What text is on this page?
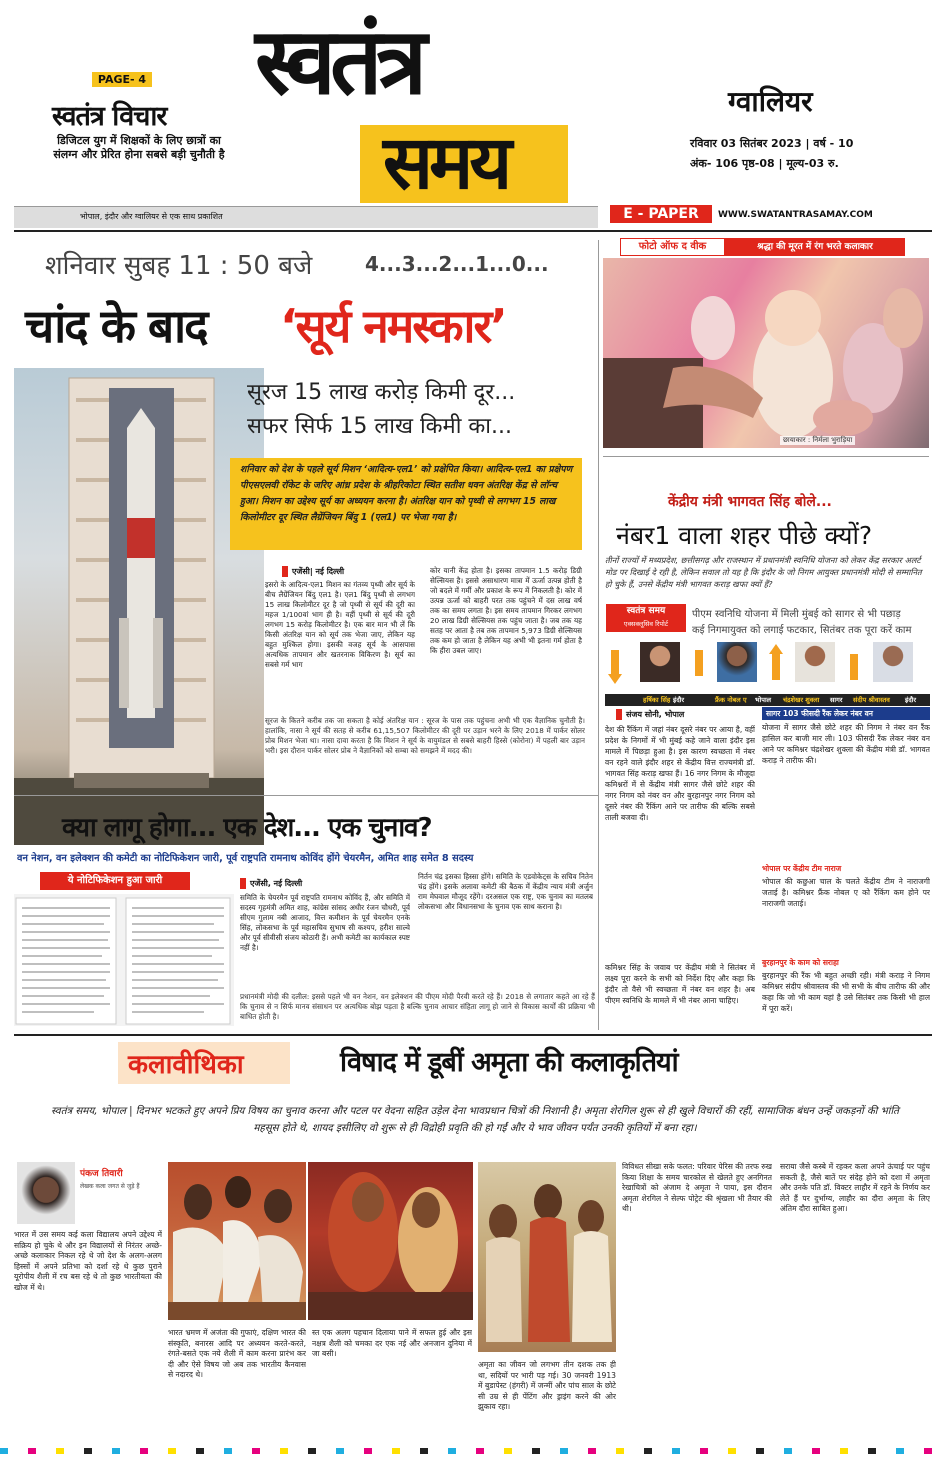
PAGE- 4
स्वतंत्र विचार
डिजिटल युग में शिक्षकों के लिए छात्रों का संलग्न और प्रेरित होना सबसे बड़ी चुनौती है
स्वतंत्र
समय
ग्वालियर
रविवार 03 सितंबर 2023 | वर्ष - 10
अंक- 106 पृष्ठ-08 | मूल्य-03 रु.
भोपाल, इंदौर और ग्वालियर से एक साथ प्रकाशित	E - PAPER	WWW.SWATANTRASAMAY.COM
शनिवार सुबह 11 : 50 बजे	4...3...2...1...0...
चांद के बाद ‘सूर्य नमस्कार’
सूरज 15 लाख करोड़ किमी दूर...
सफर सिर्फ 15 लाख किमी का...
शनिवार को देश के पहले सूर्य मिशन ‘आदित्य-एल1’ को प्रक्षेपित किया। आदित्य-एल1 का प्रक्षेपण पीएसएलवी रॉकेट के जरिए आंध्र प्रदेश के श्रीहरिकोटा स्थित सतीश धवन अंतरिक्ष केंद्र से लॉन्च हुआ। मिशन का उद्देश्य सूर्य का अध्ययन करना है। अंतरिक्ष यान को पृथ्वी से लगभग 15 लाख किलोमीटर दूर स्थित लैग्रेंजियन बिंदु 1 (एल1) पर भेजा गया है।
एजेंसी| नई दिल्ली
इसरो के आदित्य-एल1 मिशन का गंतव्य पृथ्वी और सूर्य के बीच लैग्रेंजियन बिंदु एल1 है। एल1 बिंदु पृथ्वी से लगभग 15 लाख किलोमीटर दूर है जो पृथ्वी से सूर्य की दूरी का महज 1/100वां भाग ही है। वहीं पृथ्वी से सूर्य की दूरी लगभग 15 करोड़ किलोमीटर है। एक बार मान भी लें कि किसी अंतरिक्ष यान को सूर्य तक भेजा जाए, लेकिन यह बहुत मुश्किल होगा। इसकी वजह सूर्य के आसपास अत्यधिक तापमान और खतरनाक विकिरण है। सूर्य का सबसे गर्म भाग
कोर यानी केंद्र होता है। इसका तापमान 1.5 करोड़ डिग्री सेल्सियस है। इससे असाधारण मात्रा में ऊर्जा उत्पन्न होती है जो बदले में गर्मी और प्रकाश के रूप में निकलती है। कोर में उत्पन्न ऊर्जा को बाहरी परत तक पहुंचने में दस लाख वर्ष तक का समय लगता है। इस समय तापमान गिरकर लगभग 20 लाख डिग्री सेल्सियस तक पहुंच जाता है। जब तक यह सतह पर आता है तब तक तापमान 5,973 डिग्री सेल्सियस तक कम हो जाता है लेकिन यह अभी भी इतना गर्म होता है कि हीरा उबल जाए।
सूरज के कितने करीब तक जा सकता है कोई अंतरिक्ष यान : सूरज के पास तक पहुंचना अभी भी एक वैज्ञानिक चुनौती है। हालांकि, नासा ने सूर्य की सतह से करीब 61,15,507 किलोमीटर की दूरी पर उड़ान भरने के लिए 2018 में पार्कर सोलर प्रोब मिशन भेजा था। नासा दावा करता है कि मिशन ने सूर्य के वायुमंडल से सबसे बाहरी हिस्से (कोरोना) में पहली बार उड़ान भरी। इस दौरान पार्कर सोलर प्रोब ने वैज्ञानिकों को सम्बा को समझने में मदद की।
फोटो ऑफ द वीक	श्रद्धा की मूरत में रंग भरते कलाकार
छायाकार : निर्मला भुराड़िया
केंद्रीय मंत्री भागवत सिंह बोले...
नंबर1 वाला शहर पीछे क्यों?
तीनों राज्यों में मध्यप्रदेश, छत्तीसगढ़ और राजस्थान में प्रधानमंत्री स्वनिधि योजना को लेकर केंद्र सरकार अलर्ट मोड पर दिखाई दे रही है, लेकिन सवाल तो यह है कि इंदौर के जो निगम आयुक्त प्रधानमंत्री मोदी से सम्मानित हो चुके हैं, उनसे केंद्रीय मंत्री भागवत कराड़ खफा क्यों हैं?
स्वतंत्र समय
एक्सक्लूसिव रिपोर्ट
पीएम स्वनिधि योजना में मिली मुंबई को सागर से भी पछाड़
कई निगमायुक्त को लगाई फटकार, सितंबर तक पूरा करें काम
हर्षिका सिंह इंदौर	फ्रैंक नोबल ए भोपाल चंद्रशेखर शुक्ला सागर संदीप श्रीवास्तव इंदौर
संजय सोनी, भोपाल
देश की रैंकिंग में जहां नंबर दूसरे नंबर पर आया है, वहीं प्रदेश के निगमों में भी मुंबई कहे जाने वाला इंदौर इस मामले में पिछड़ा हुआ है। इस कारण स्वच्छता में नंबर वन रहने वाले इंदौर शहर से केंद्रीय वित्त राज्यमंत्री डॉ. भागवत सिंह कराड़ खफा हैं। 16 नगर निगम के मौजूदा कमिश्नरों में से केंद्रीय मंत्री सागर जैसे छोटे शहर की नगर निगम को नंबर वन और बुरहानपुर नगर निगम को दूसरे नंबर की रैंकिंग आने पर तारीफ की बल्कि सबसे ताली बजवा दी।
कमिश्नर सिंह के जवाब पर केंद्रीय मंत्री ने सितंबर में लक्ष्य पूरा करने के सभी को निर्देश दिए और कहा कि इंदौर तो वैसे भी स्वच्छता में नंबर वन शहर है। अब पीएम स्वनिधि के मामले में भी नंबर आना चाहिए।
सागर 103 फीसदी रैंक लेकर नंबर वन
योजना में सागर जैसे छोटे शहर की निगम ने नंबर वन रैंक हासिल कर बाजी मार ली। 103 फीसदी रैंक लेकर नंबर वन आने पर कमिश्नर चंद्रशेखर शुक्ला की केंद्रीय मंत्री डॉ. भागवत कराड़ ने तारीफ की।
भोपाल पर केंद्रीय टीम नाराज
भोपाल की कछुआ चाल के चलते केंद्रीय टीम ने नाराजगी जताई है। कमिश्नर फ्रैंक नोबल ए को रैंकिंग कम होने पर नाराजगी जताई।
बुरहानपुर के काम को सराहा
बुरहानपुर की रैंक भी बहुत अच्छी रही। मंत्री कराड़ ने निगम कमिश्नर संदीप श्रीवास्तव की भी सभी के बीच तारीफ की और कहा कि जो भी काम यहां है उसे सितंबर तक किसी भी हाल में पूरा करें।
क्या लागू होगा... एक देश... एक चुनाव?
वन नेशन, वन इलेक्शन की कमेटी का नोटिफिकेशन जारी, पूर्व राष्ट्रपति रामनाथ कोविंद होंगे चेयरमैन, अमित शाह समेत 8 सदस्य
ये नोटिफिकेशन हुआ जारी	एजेंसी, नई दिल्ली
समिति के चेयरमैन पूर्व राष्ट्रपति रामनाथ कोविंद हैं, और समिति में सदस्य गृहमंत्री अमित शाह, कांग्रेस सांसद अधीर रंजन चौधरी, पूर्व सीएम गुलाम नबी आजाद, वित्त कमीशन के पूर्व चेयरमैन एनके सिंह, लोकसभा के पूर्व महासचिव सुभाष सी कश्यप, हरीश साल्वे और पूर्व सीवीसी संजय कोठारी हैं। अभी कमेटी का कार्यकाल स्पष्ट नहीं है।
निर्तन चंद्र इसका हिस्सा होंगे। समिति के एडवोकेट्स के सचिव नितेन चंद्र होंगे। इसके अलावा कमेटी की बैठक में केंद्रीय न्याय मंत्री अर्जुन राम मेघवाल मौजूद रहेंगे। दरअसल एक राष्ट्र, एक चुनाव का मतलब लोकसभा और विधानसभा के चुनाव एक साथ कराना है।
प्रधानमंत्री मोदी की दलील: इससे पहले भी वन नेशन, वन इलेक्शन की पीएम मोदी पैरवी करते रहे हैं। 2018 से लगातार कहते आ रहे हैं कि चुनाव से न सिर्फ मानव संसाधन पर अत्यधिक बोझ पड़ता है बल्कि चुनाव आचार संहिता लागू हो जाने से विकास कार्यों की प्रक्रिया भी बाधित होती है।
कलावीथिका	विषाद में डूबीं अमृता की कलाकृतियां
स्वतंत्र समय, भोपाल | दिनभर भटकते हुए अपने प्रिय विषय का चुनाव करना और पटल पर वेदना सहित उड़ेल देना भावप्रधान चित्रों की निशानी है। अमृता शेरगिल शुरू से ही खुले विचारों की रहीं, सामाजिक बंधन उन्हें जकड़नों की भांति महसूस होते थे, शायद इसीलिए वो शुरू से ही विद्रोही प्रवृति की हो गईं और ये भाव जीवन पर्यंत उनकी कृतियों में बना रहा।
पंकज तिवारी
लेखक कला जगत से जुड़े हैं
भारत में उस समय कई कला विद्यालय अपने उद्देश्य में सक्रिय हो चुके थे और इन विद्यालयों से निरंतर अच्छे-अच्छे कलाकार निकल रहे थे जो देश के अलग-अलग हिस्सों में अपने प्रतिभा को दर्शा रहे थे कुछ पुराने यूरोपीय शैली में रच बस रहे थे तो कुछ भारतीयता की खोज में थे।
भारत भ्रमण में अजंता की गुफाएं, दक्षिण भारत की संस्कृति, बनारस आदि पर अध्ययन करते-करते, रंगते-बसते एक नये शैली में काम करना प्रारंभ कर दी और ऐसे विषय जो अब तक भारतीय कैनवास से नदारद थे।
स्त एक अलग पहचान दिलाया पाने में सफल हुई और इस नक्षत्र शैली को चमका दर एक नई और अनजान दुनिया में जा बसी।
अमृता का जीवन जो लगभग तीन दशक तक ही था, सदियों पर भारी पड़ गई। 30 जनवरी 1913 में बुडापेस्ट (हंगरी) में जन्मीं और पांच साल के छोटे सी उम्र से ही पेंटिंग और ड्राइंग करने की ओर झुकाव रहा।
विविधत सीखा सके फलत: परिवार पेरिस की तरफ रुख किया शिक्षा के समय चारकोल से खेलते हुए अनगिनत रेखाचित्रों को अंजाम दे अमृता ने पाया, इस दौरान अमृता शेरगिल ने सेल्फ पोट्रेट की श्रृंखला भी तैयार की थी।
सराया जैसे कस्बे में रहकर कला अपने ऊंचाई पर पहुंच सकती है, जैसे बातें पर संदेह होने को दशा में अमृता और उनके पति डॉ. विक्टर लाहौर में रहने के निर्णय कर लेते हैं पर दुर्भाग्य, लाहौर का दौरा अमृता के लिए अंतिम दौरा साबित हुआ।
